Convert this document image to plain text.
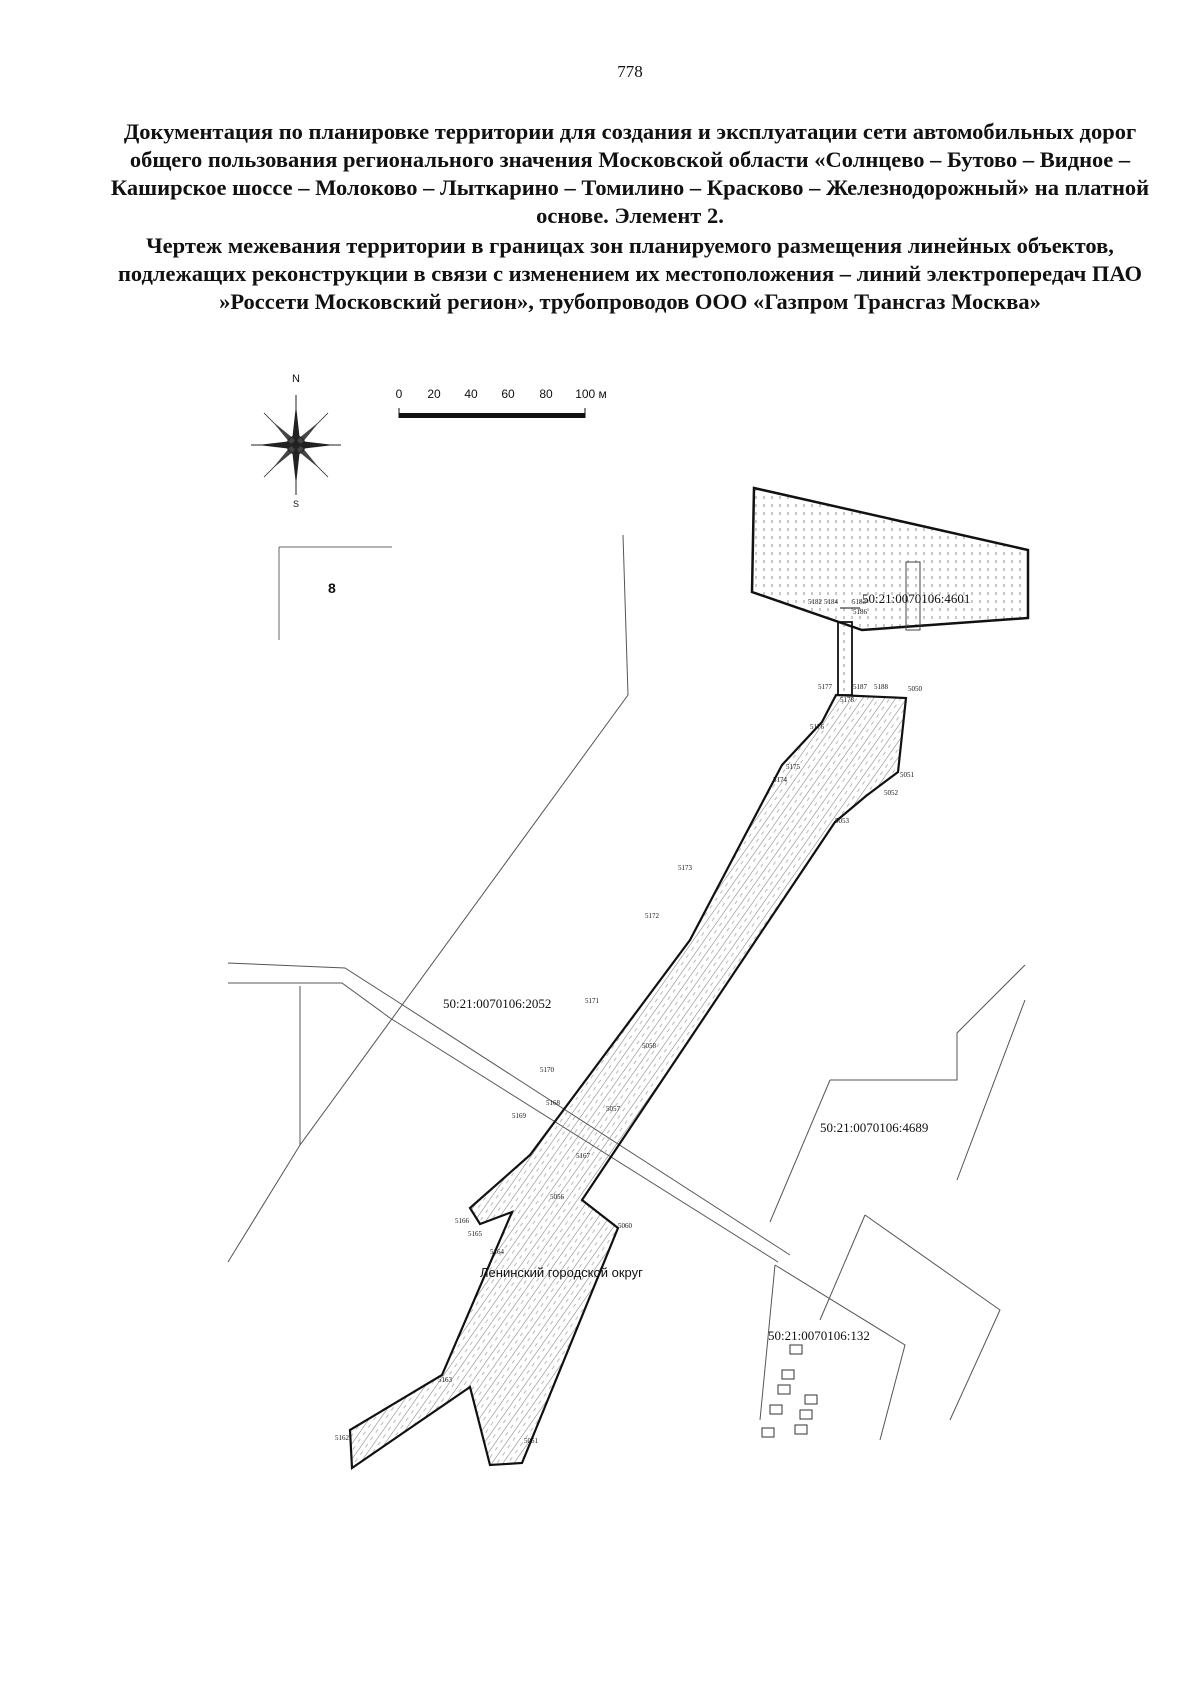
778

Документация по планировке территории для создания и эксплуатации сети автомобильных дорог общего пользования регионального значения Московской области «Солнцево – Бутово – Видное – Каширское шоссе – Молоково – Лыткарино – Томилино – Красково – Железнодорожный» на платной основе. Элемент 2.

Чертеж межевания территории в границах зон планируемого размещения линейных объектов, подлежащих реконструкции в связи с изменением их местоположения – линий электропередач ПАО »Россети Московский регион», трубопроводов ООО «Газпром Трансгаз Москва»

N
S
0 20 40 60 80 100 м
8
50:21:0070106:4601
50:21:0070106:2052
50:21:0070106:4689
50:21:0070106:132
Ленинский городской округ
5182 5184 5183
5186
5177	5187 5188	5050
5178
5176
5175
5174
5051
5052
5053
5173
5172
5171
5058
5170
5168
5169
5057
5167
5056
5166
5165
5164
5060
5163
5162	5061
